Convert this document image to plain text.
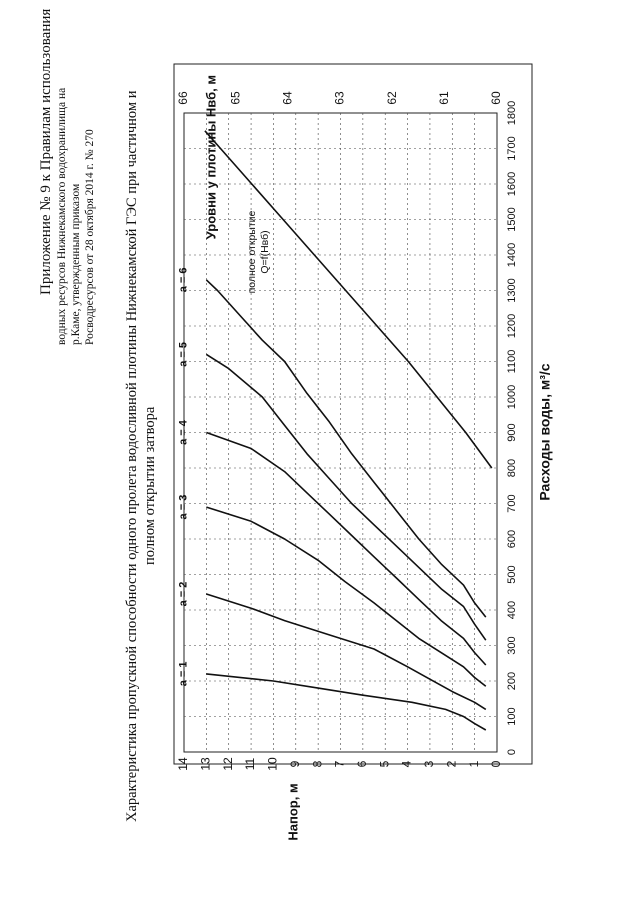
0
1
2
3
4
5
6
7
8
9
10
11
12
13
14
0
100
200
300
400
500
600
700
800
900
1000
1100
1200
1300
1400
1500
1600
1700
1800
60
61
62
63
64
65
66
Напор, м
Расходы воды, м³/с
Уровни у плотины Нвб, м
a = 1
a = 2
a = 3
a = 4
a = 5
a = 6	полное открытие Q=f(Нвб)
Приложение № 9 к Правилам использования водных ресурсов Нижнекамского водохранилища на р.Каме, утвержденным приказом Росводресурсов от 28 октября 2014 г. № 270 Характеристика пропускной способности одного пролета водосливной плотины Нижнекамской ГЭС при частичном и полном открытии затвора
